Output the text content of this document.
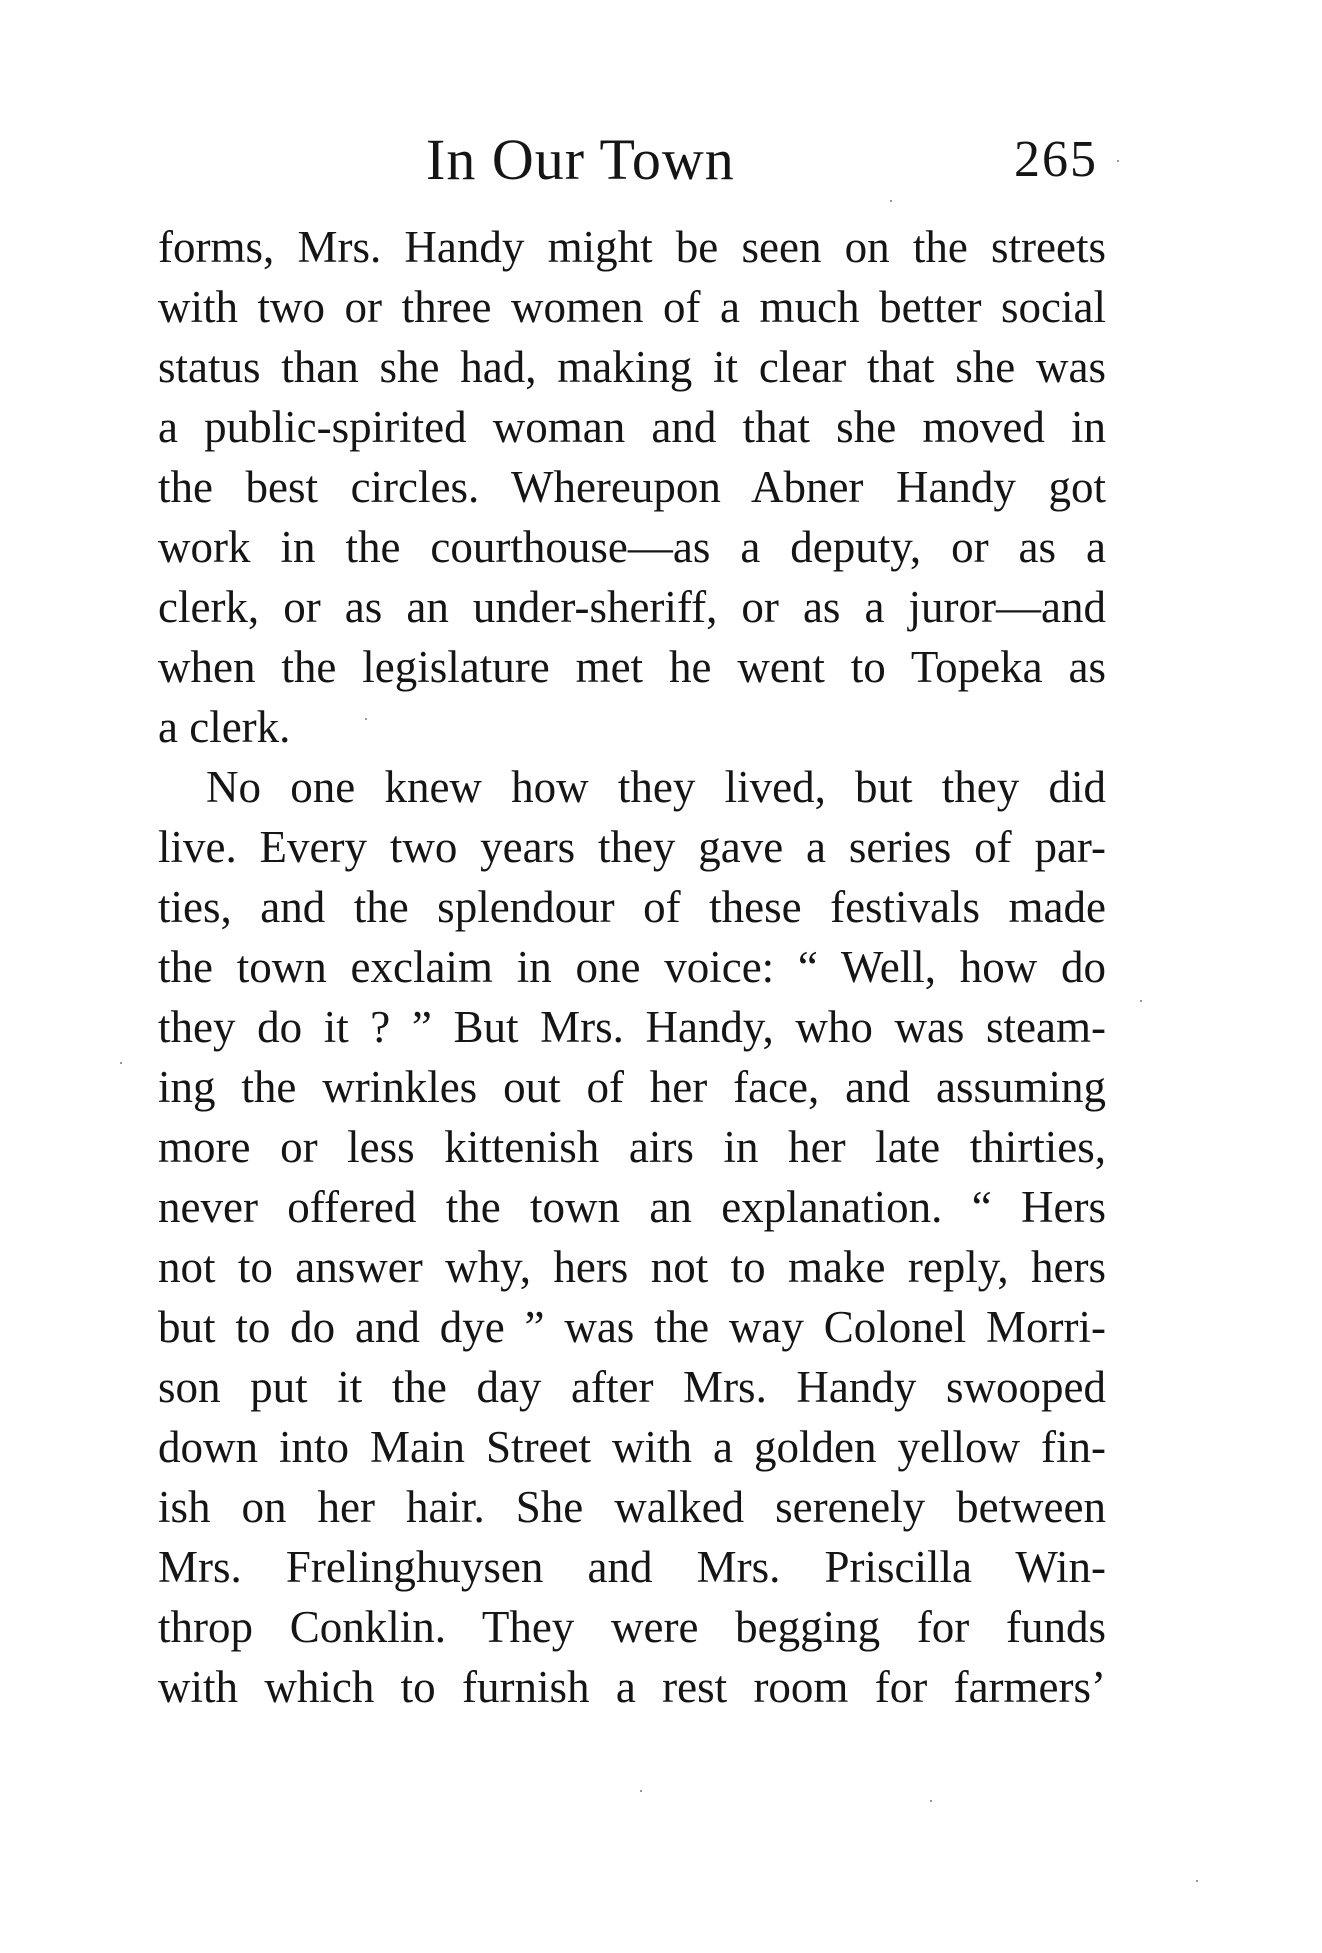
In Our Town	265
forms, Mrs. Handy might be seen on the streets
with two or three women of a much better social
status than she had, making it clear that she was
a public-spirited woman and that she moved in
the best circles. Whereupon Abner Handy got
work in the courthouse—as a deputy, or as a
clerk, or as an under-sheriff, or as a juror—and
when the legislature met he went to Topeka as
a clerk.
No one knew how they lived, but they did
live. Every two years they gave a series of par-
ties, and the splendour of these festivals made
the town exclaim in one voice: “ Well, how do
they do it ? ” But Mrs. Handy, who was steam-
ing the wrinkles out of her face, and assuming
more or less kittenish airs in her late thirties,
never offered the town an explanation. “ Hers
not to answer why, hers not to make reply, hers
but to do and dye ” was the way Colonel Morri-
son put it the day after Mrs. Handy swooped
down into Main Street with a golden yellow fin-
ish on her hair. She walked serenely between
Mrs. Frelinghuysen and Mrs. Priscilla Win-
throp Conklin. They were begging for funds
with which to furnish a rest room for farmers’
